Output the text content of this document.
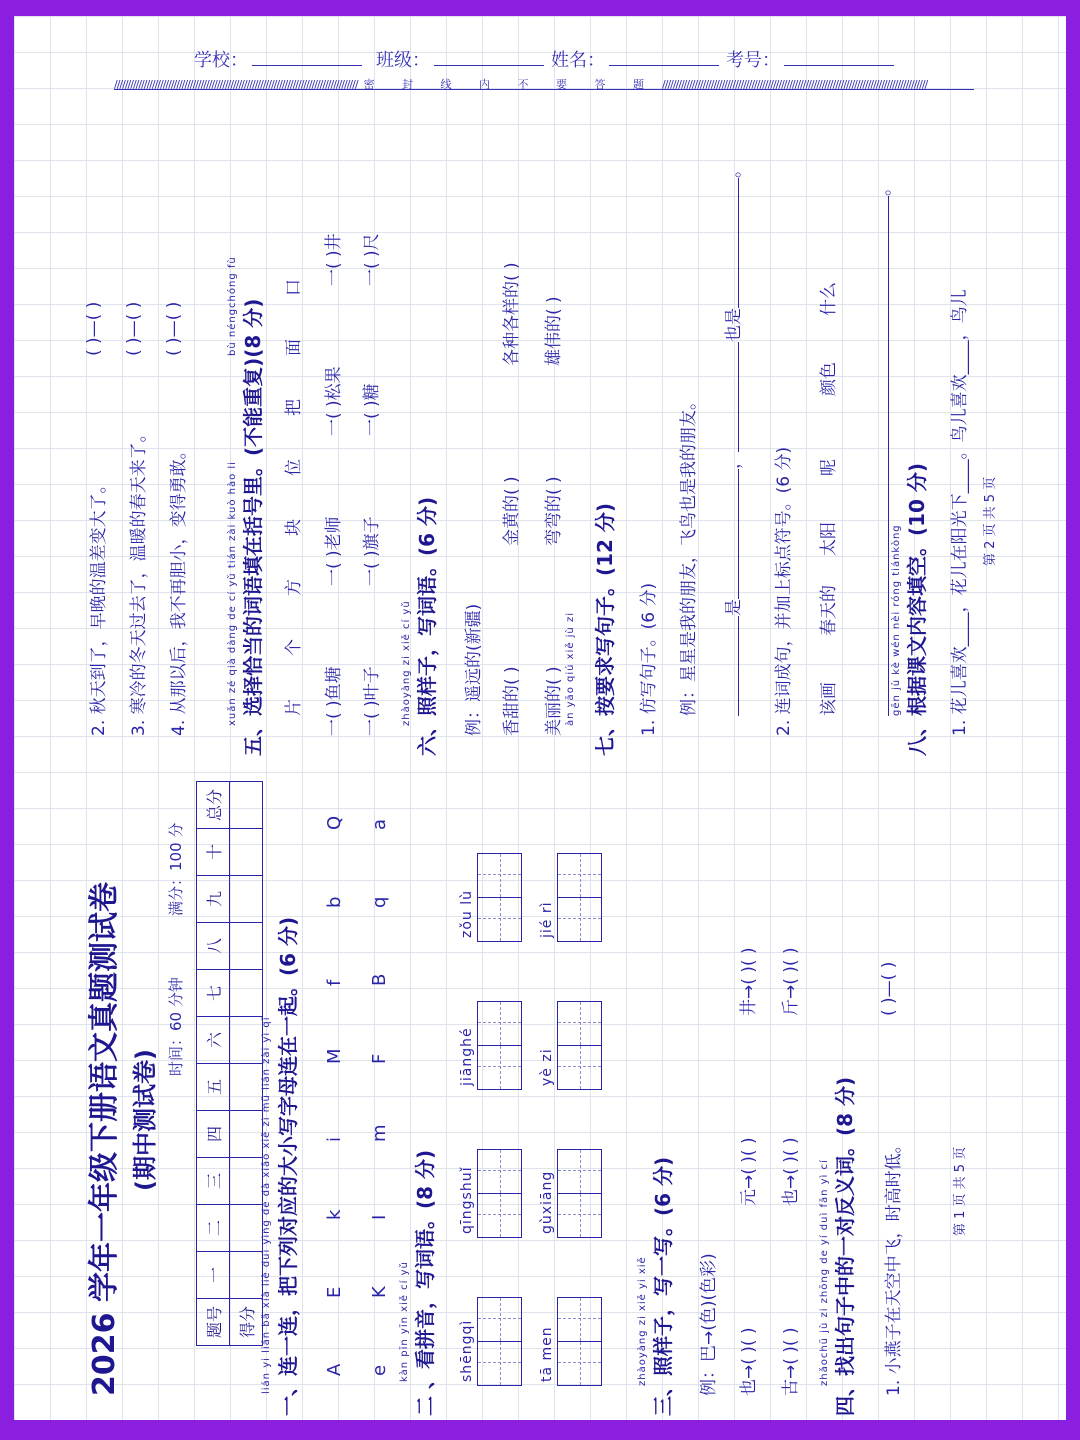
学校：	班级：	姓名：	考号：
////////////////////////////////////////////////////////////////////////////////////////// 密 封 线 内 不 要 答 题 //////////////////////////////////////////////////////////////////////////////////////////////////
2026 学年一年级下册语文真题测试卷 (期中测试卷)
时间：60 分钟
满分：100 分
题号	一	二	三	四	五	六	七	八	九	十	总分
得分											lián yi lián bǎ xià liè duì yìng de dà xiǎo xiě zì mǔ lián zài yì qǐ 一、连一连，把下列对应的大小写字母连在一起。(6 分) A
E
k
i
M
f
b
Q
e
K
I
m
F
B
q
a
kàn pīn yīn xiě cí yǔ 二 、看拼音，写词语。(8 分) shēngqì
qīngshuǐ
jiānghé
zǒu lù
tā men
gùxiāng
yè zi
jié rì
zhàoyàng zi xiě yi xiě 三、照样子，写一写。(6 分) 例：巴→(色)(色彩) 也→( )( )
元→( )( )
井→( )( )
古→( )( )
也→( )( )
斤→( )( )
zhǎochū jù zi zhōng de yí duì fǎn yì cí 四、找出句子中的一对反义词。(8 分) 1. 小燕子在天空中飞，时高时低。
( )—( )
第 1 页 共 5 页
2. 秋天到了，早晚的温差变大了。
( )—( )
3. 寒冷的冬天过去了，温暖的春天来了。
( )—( )
4. 从那以后，我不再胆小，变得勇敢。
( )—( )
xuǎn zé qià dàng de cí yǔ tián zài kuò hào li
bù néngchóng fù 五、选择恰当的词语填在括号里。(不能重复)(8 分) 片
个
方
块
位
把
面
口
一( )鱼塘
一( )老师
一( )松果
一( )井
一( )叶子
一( )旗子
一( )糖
一( )尺
zhàoyàng zi xiě cí yǔ 六、照样子，写词语。(6 分) 例：遥远的(新疆) 香甜的( )
金黄的( )
各种各样的( )
àn yāo qiú xiě jù zi
美丽的( )
弯弯的( )
雄伟的( )
七、按要求写句子。(12 分) 1. 仿写句子。(6 分) 例：星星是我的朋友，飞鸟也是我的朋友。 是，也是。
2. 连词成句，并加上标点符号。(6 分) 该画
春天的
太阳
呢
颜色
什么
。
gēn jù kè wén nèi róng tiánkòng 八、根据课文内容填空。(10 分) 1. 花儿喜欢____，花儿在阳光下____。鸟儿喜欢____，鸟儿	第 2 页 共 5 页
